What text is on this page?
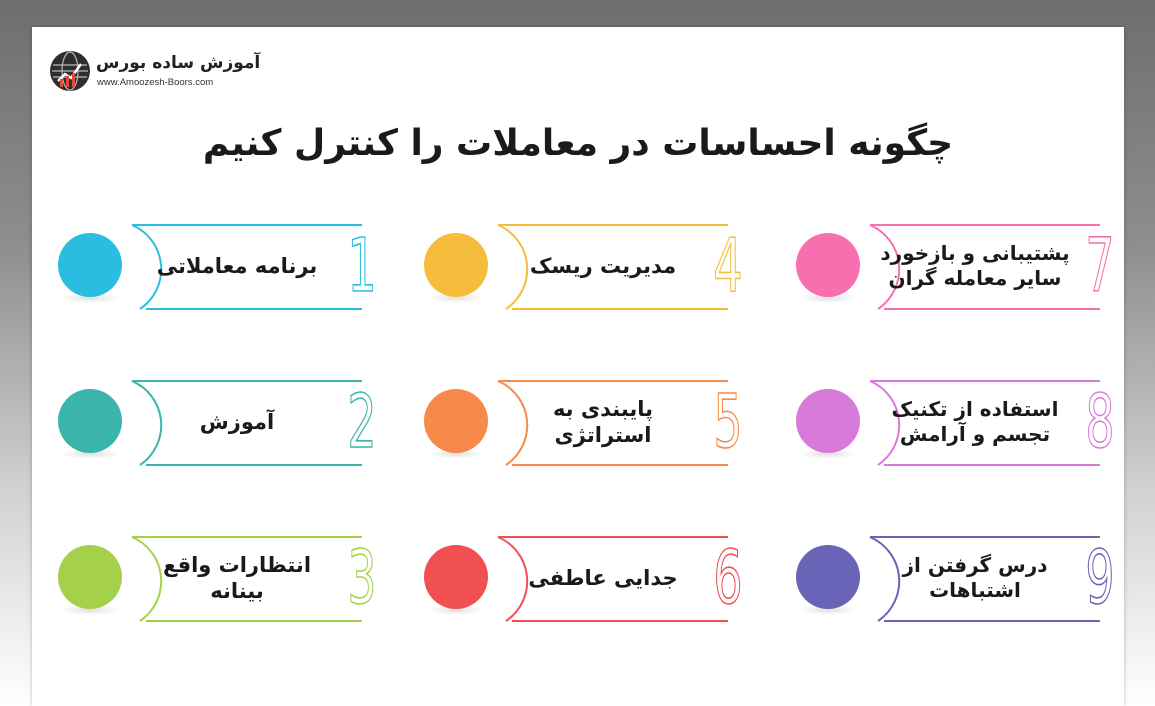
آموزش ساده بورس
www.Amoozesh-Boors.com
چگونه احساسات در معاملات را کنترل کنیم
برنامه معاملاتی 1
آموزش 2
انتظارات واقع بینانه	3
مدیریت ریسک 4
پایبندی به استراتژی 5
جدایی عاطفی 6
پشتیبانی و بازخورد سایر معامله گران 7
استفاده از تکنیک تجسم و آرامش 8
درس گرفتن از اشتباهات 9
